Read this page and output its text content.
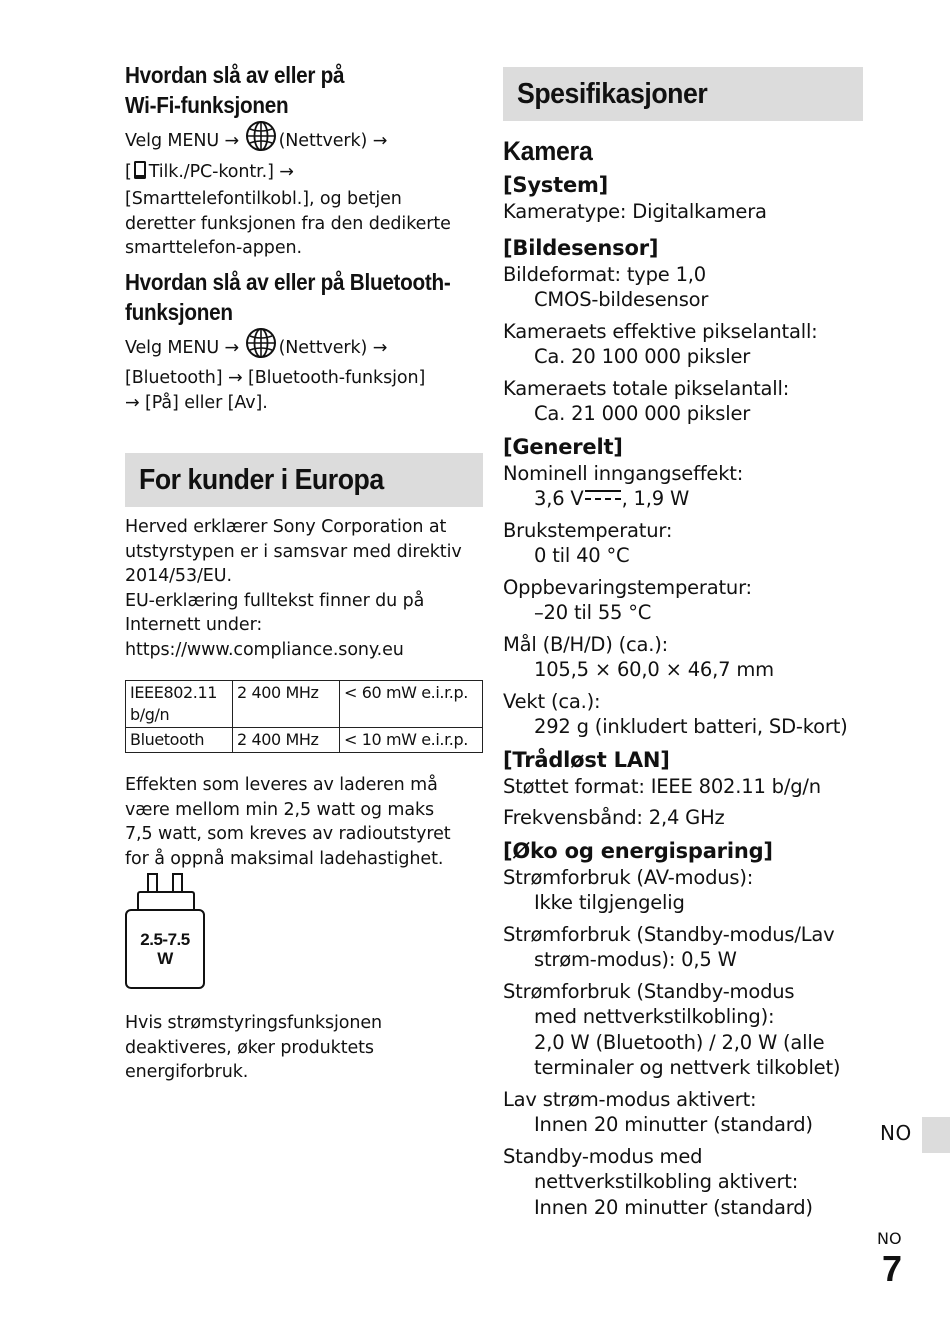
Hvordan slå av eller på
Wi-Fi-funksjonen
Velg MENU → (Nettverk) →
[ Tilk./PC-kontr.] →
[Smarttelefontilkobl.], og betjen
deretter funksjonen fra den dedikerte
smarttelefon-appen.
Hvordan slå av eller på Bluetooth-
funksjonen
Velg MENU → (Nettverk) →
[Bluetooth] → [Bluetooth-funksjon]
→ [På] eller [Av].
For kunder i Europa
Herved erklærer Sony Corporation at
utstyrstypen er i samsvar med direktiv
2014/53/EU.
EU-erklæring fulltekst finner du på
Internett under:
https://www.compliance.sony.eu
IEEE802.11 b/g/n	2 400 MHz	< 60 mW e.i.r.p.
Bluetooth	2 400 MHz	< 10 mW e.i.r.p.
Effekten som leveres av laderen må
være mellom min 2,5 watt og maks
7,5 watt, som kreves av radioutstyret
for å oppnå maksimal ladehastighet.
2.5-7.5
W
Hvis strømstyringsfunksjonen
deaktiveres, øker produktets
energiforbruk.
Spesifikasjoner
Kamera
[System]
Kameratype: Digitalkamera
[Bildesensor]
Bildeformat: type 1,0
CMOS-bildesensor
Kameraets effektive pikselantall:
Ca. 20 100 000 piksler
Kameraets totale pikselantall:
Ca. 21 000 000 piksler
[Generelt]
Nominell inngangseffekt:
3,6 V , 1,9 W
Brukstemperatur:
0 til 40 °C
Oppbevaringstemperatur:
–20 til 55 °C
Mål (B/H/D) (ca.):
105,5 × 60,0 × 46,7 mm
Vekt (ca.):
292 g (inkludert batteri, SD-kort)
[Trådløst LAN]
Støttet format: IEEE 802.11 b/g/n
Frekvensbånd: 2,4 GHz
[Øko og energisparing]
Strømforbruk (AV-modus):
Ikke tilgjengelig
Strømforbruk (Standby-modus/Lav
strøm-modus): 0,5 W
Strømforbruk (Standby-modus
med nettverkstilkobling):
2,0 W (Bluetooth) / 2,0 W (alle
terminaler og nettverk tilkoblet)
Lav strøm-modus aktivert:
Innen 20 minutter (standard)
Standby-modus med
nettverkstilkobling aktivert:
Innen 20 minutter (standard)
NO
NO
7
